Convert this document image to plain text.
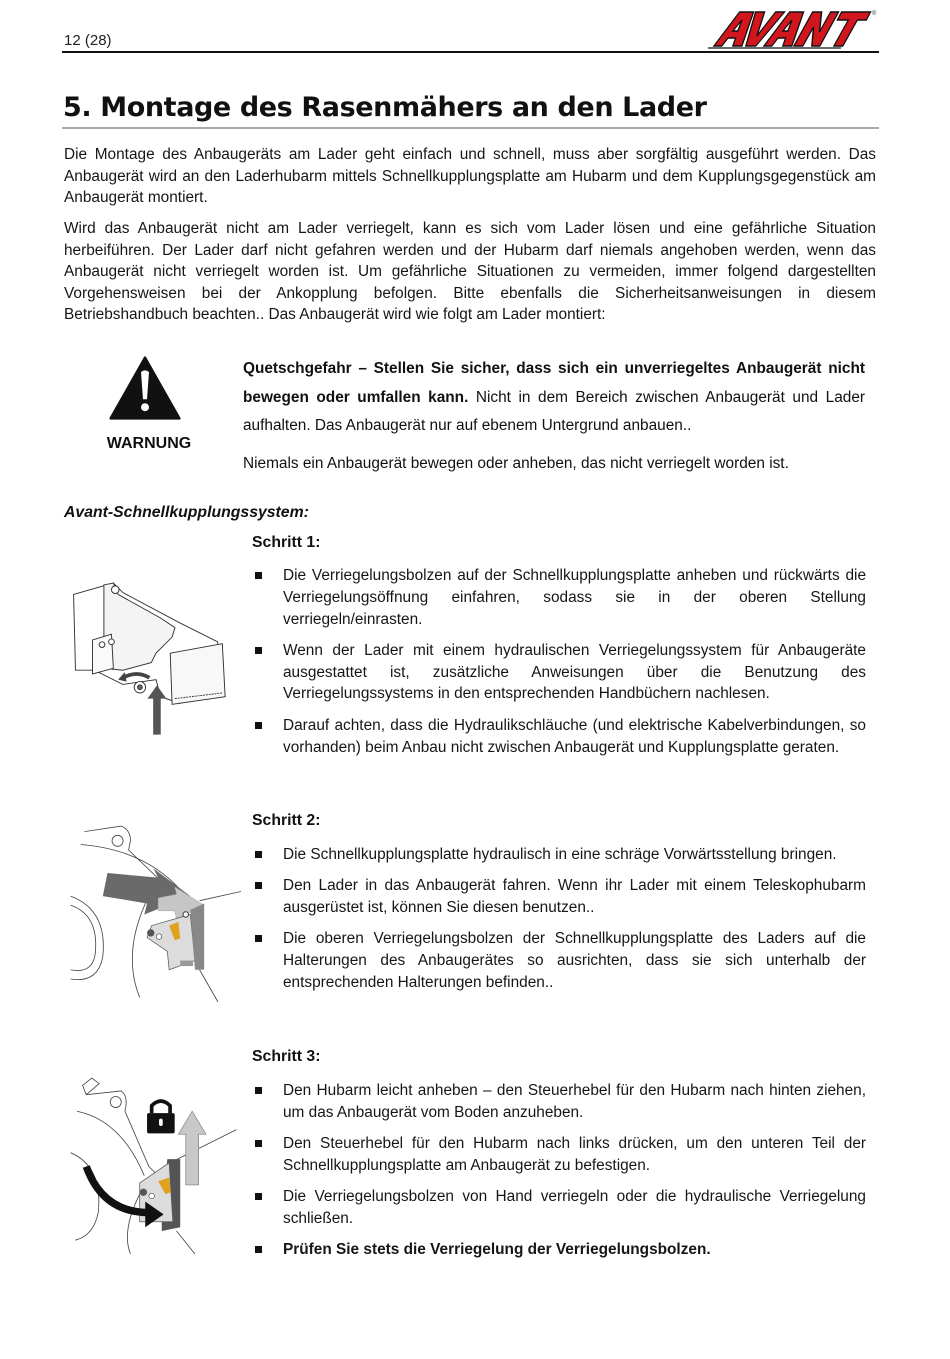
12 (28)
®
5. Montage des Rasenmähers an den Lader

Die Montage des Anbaugeräts am Lader geht einfach und schnell, muss aber sorgfältig ausgeführt werden. Das Anbaugerät wird an den Laderhubarm mittels Schnellkupplungsplatte am Hubarm und dem Kupplungsgegenstück am Anbaugerät montiert.

Wird das Anbaugerät nicht am Lader verriegelt, kann es sich vom Lader lösen und eine gefährliche Situation herbeiführen. Der Lader darf nicht gefahren werden und der Hubarm darf niemals angehoben werden, wenn das Anbaugerät nicht verriegelt worden ist. Um gefährliche Situationen zu vermeiden, immer folgend dargestellten Vorgehensweisen bei der Ankopplung befolgen. Bitte ebenfalls die Sicherheitsanweisungen in diesem Betriebshandbuch beachten.. Das Anbaugerät wird wie folgt am Lader montiert:

WARNUNG

Quetschgefahr – Stellen Sie sicher, dass sich ein unverriegeltes Anbaugerät nicht bewegen oder umfallen kann. Nicht in dem Bereich zwischen Anbaugerät und Lader aufhalten. Das Anbaugerät nur auf ebenem Untergrund anbauen..

Niemals ein Anbaugerät bewegen oder anheben, das nicht verriegelt worden ist.

Avant-Schnellkupplungssystem:

Schritt 1:

Die Verriegelungsbolzen auf der Schnellkupplungsplatte anheben und rückwärts die Verriegelungsöffnung einfahren, sodass sie in der oberen Stellung verriegeln/einrasten.
Wenn der Lader mit einem hydraulischen Verriegelungssystem für Anbaugeräte ausgestattet ist, zusätzliche Anweisungen über die Benutzung des Verriegelungssystems in den entsprechenden Handbüchern nachlesen.
Darauf achten, dass die Hydraulikschläuche (und elektrische Kabelverbindungen, so vorhanden) beim Anbau nicht zwischen Anbaugerät und Kupplungsplatte geraten.

Schritt 2:

Die Schnellkupplungsplatte hydraulisch in eine schräge Vorwärtsstellung bringen.
Den Lader in das Anbaugerät fahren. Wenn ihr Lader mit einem Teleskophubarm ausgerüstet ist, können Sie diesen benutzen..
Die oberen Verriegelungsbolzen der Schnellkupplungsplatte des Laders auf die Halterungen des Anbaugerätes so ausrichten, dass sie sich unterhalb der entsprechenden Halterungen befinden..

Schritt 3:

Den Hubarm leicht anheben – den Steuerhebel für den Hubarm nach hinten ziehen, um das Anbaugerät vom Boden anzuheben.
Den Steuerhebel für den Hubarm nach links drücken, um den unteren Teil der Schnellkupplungsplatte am Anbaugerät zu befestigen.
Die Verriegelungsbolzen von Hand verriegeln oder die hydraulische Verriegelung schließen.
Prüfen Sie stets die Verriegelung der Verriegelungsbolzen.
